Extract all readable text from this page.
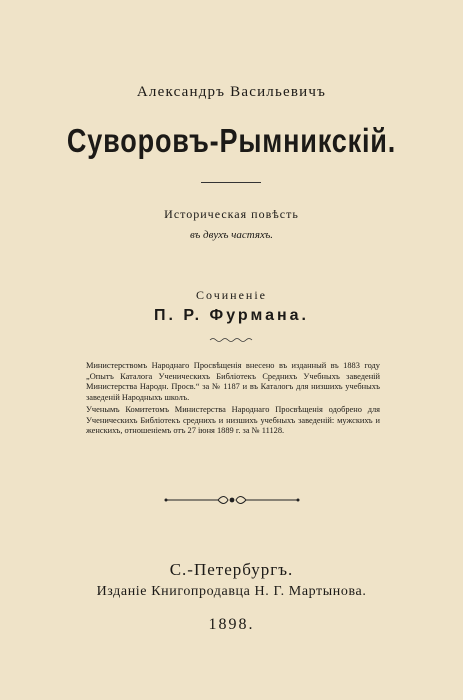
Александръ Васильевичъ
Суворовъ-Рымникскій.
Историческая повѣсть
въ двухъ частяхъ.
Сочиненіе
П. Р. Фурмана.
Министерствомъ Народнаго Просвѣщенія внесено въ изданный въ 1883 году „Опытъ Каталога Ученическихъ Библіотекъ Среднихъ Учебныхъ заведеній Министерства Народн. Просв.“ за № 1187 и въ Каталогъ для низшихъ учебныхъ заведеній Народныхъ школъ.
Ученымъ Комитетомъ Министерства Народнаго Просвѣщенія одобрено для Ученическихъ Библіотекъ среднихъ и низшихъ учебныхъ заведеній: мужскихъ и женскихъ, отношеніемъ отъ 27 іюня 1889 г. за № 11128.
С.-Петербургъ.
Изданіе Книгопродавца Н. Г. Мартынова.
1898.
